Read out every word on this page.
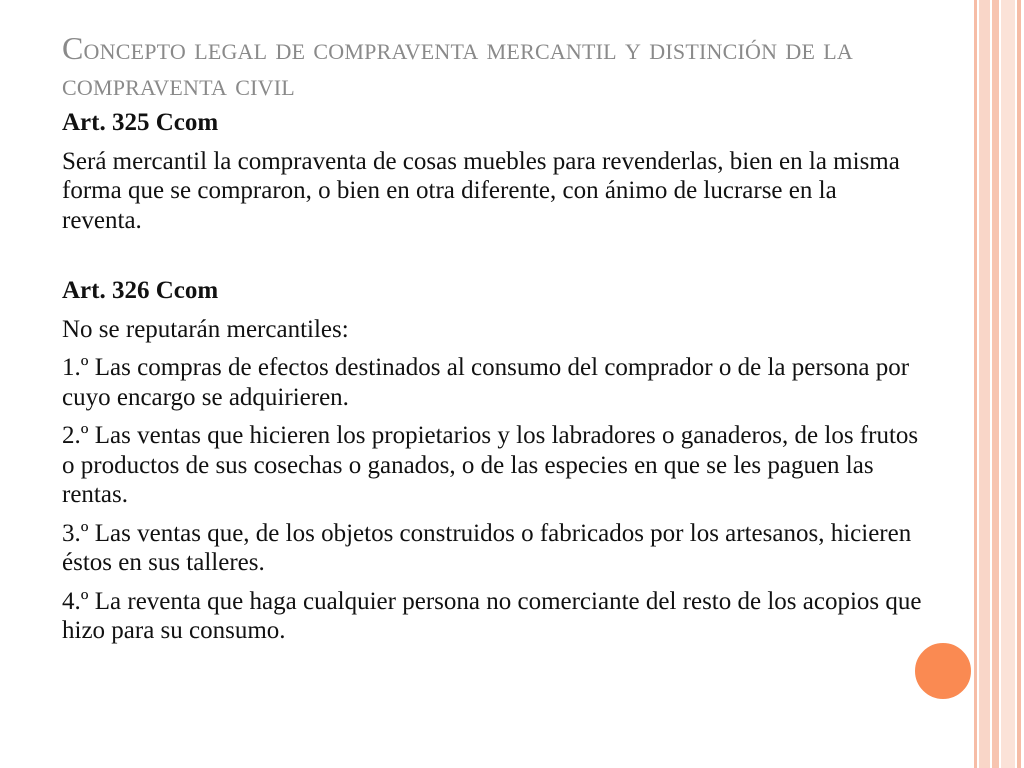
Concepto legal de compraventa mercantil y distinción de la compraventa civil
Art. 325 Ccom
Será mercantil la compraventa de cosas muebles para revenderlas, bien en la misma forma que se compraron, o bien en otra diferente, con ánimo de lucrarse en la reventa.
Art. 326 Ccom
No se reputarán mercantiles:
1.º Las compras de efectos destinados al consumo del comprador o de la persona por cuyo encargo se adquirieren.
2.º Las ventas que hicieren los propietarios y los labradores o ganaderos, de los frutos o productos de sus cosechas o ganados, o de las especies en que se les paguen las rentas.
3.º Las ventas que, de los objetos construidos o fabricados por los artesanos, hicieren éstos en sus talleres.
4.º La reventa que haga cualquier persona no comerciante del resto de los acopios que hizo para su consumo.
